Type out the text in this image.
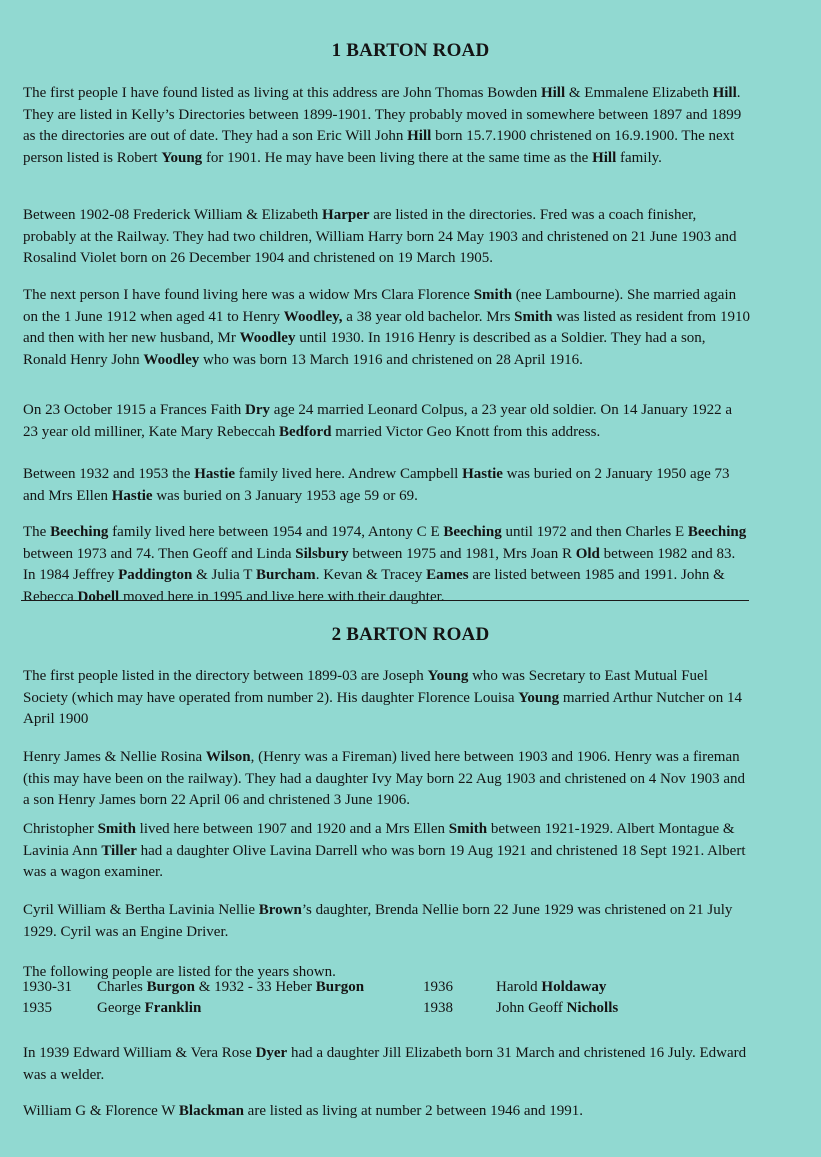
1 BARTON ROAD

The first people I have found listed as living at this address are John Thomas Bowden Hill & Emmalene Elizabeth Hill. They are listed in Kelly’s Directories between 1899-1901. They probably moved in somewhere between 1897 and 1899 as the directories are out of date. They had a son Eric Will John Hill born 15.7.1900 christened on 16.9.1900. The next person listed is Robert Young for 1901. He may have been living there at the same time as the Hill family.

Between 1902-08 Frederick William & Elizabeth Harper are listed in the directories. Fred was a coach finisher, probably at the Railway. They had two children, William Harry born 24 May 1903 and christened on 21 June 1903 and Rosalind Violet born on 26 December 1904 and christened on 19 March 1905.

The next person I have found living here was a widow Mrs Clara Florence Smith (nee Lambourne). She married again on the 1 June 1912 when aged 41 to Henry Woodley, a 38 year old bachelor. Mrs Smith was listed as resident from 1910 and then with her new husband, Mr Woodley until 1930. In 1916 Henry is described as a Soldier. They had a son, Ronald Henry John Woodley who was born 13 March 1916 and christened on 28 April 1916.

On 23 October 1915 a Frances Faith Dry age 24 married Leonard Colpus, a 23 year old soldier. On 14 January 1922 a 23 year old milliner, Kate Mary Rebeccah Bedford married Victor Geo Knott from this address.

Between 1932 and 1953 the Hastie family lived here. Andrew Campbell Hastie was buried on 2 January 1950 age 73 and Mrs Ellen Hastie was buried on 3 January 1953 age 59 or 69.

The Beeching family lived here between 1954 and 1974, Antony C E Beeching until 1972 and then Charles E Beeching between 1973 and 74. Then Geoff and Linda Silsbury between 1975 and 1981, Mrs Joan R Old between 1982 and 83. In 1984 Jeffrey Paddington & Julia T Burcham. Kevan & Tracey Eames are listed between 1985 and 1991. John & Rebecca Dobell moved here in 1995 and live here with their daughter.

2 BARTON ROAD

The first people listed in the directory between 1899-03 are Joseph Young who was Secretary to East Mutual Fuel Society (which may have operated from number 2). His daughter Florence Louisa Young married Arthur Nutcher on 14 April 1900

Henry James & Nellie Rosina Wilson, (Henry was a Fireman) lived here between 1903 and 1906. Henry was a fireman (this may have been on the railway). They had a daughter Ivy May born 22 Aug 1903 and christened on 4 Nov 1903 and a son Henry James born 22 April 06 and christened 3 June 1906.

Christopher Smith lived here between 1907 and 1920 and a Mrs Ellen Smith between 1921-1929. Albert Montague & Lavinia Ann Tiller had a daughter Olive Lavina Darrell who was born 19 Aug 1921 and christened 18 Sept 1921. Albert was a wagon examiner.

Cyril William & Bertha Lavinia Nellie Brown’s daughter, Brenda Nellie born 22 June 1929 was christened on 21 July 1929. Cyril was an Engine Driver.

The following people are listed for the years shown.
1930-31	Charles Burgon & 1932 - 33 Heber Burgon	1936	Harold Holdaway
1935	George Franklin	1938	John Geoff Nicholls

In 1939 Edward William & Vera Rose Dyer had a daughter Jill Elizabeth born 31 March and christened 16 July. Edward was a welder.

William G & Florence W Blackman are listed as living at number 2 between 1946 and 1991.
